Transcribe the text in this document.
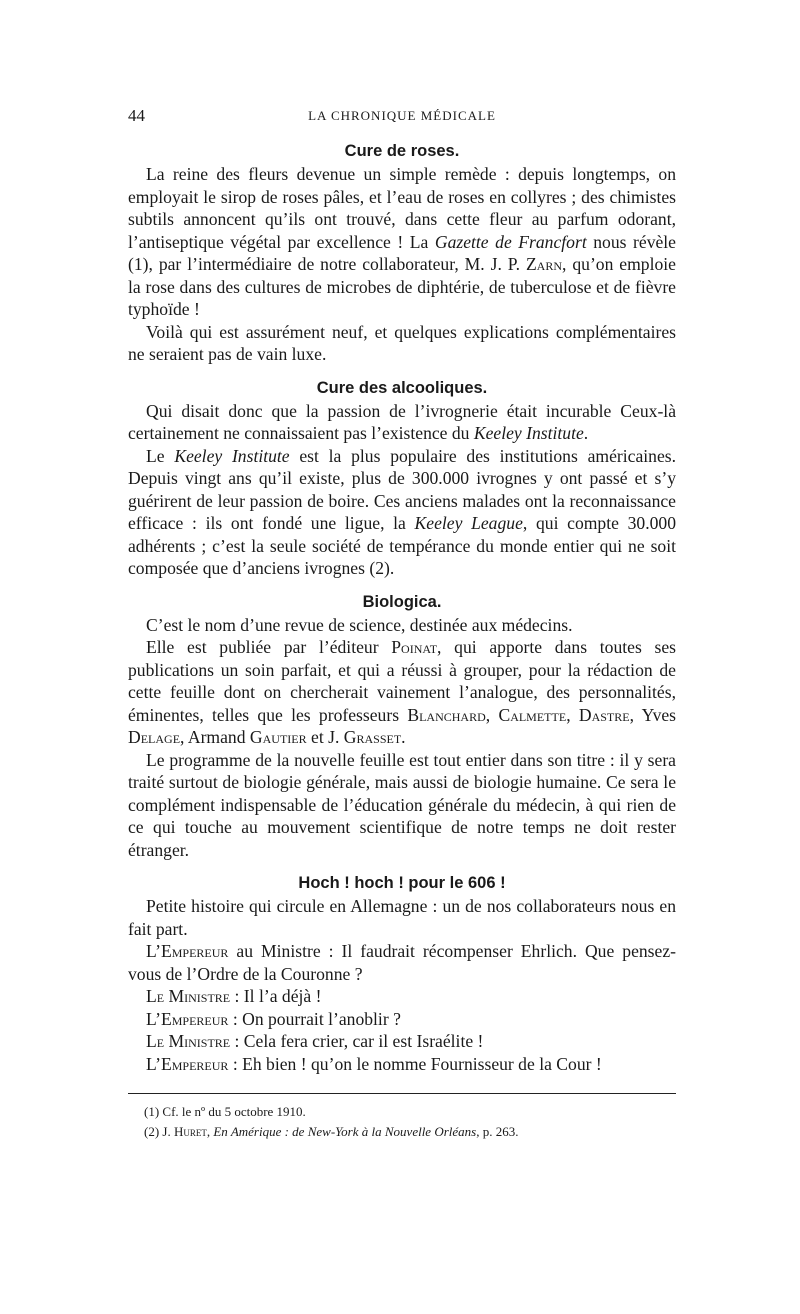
44	LA CHRONIQUE MÉDICALE
Cure de roses.

La reine des fleurs devenue un simple remède : depuis longtemps, on employait le sirop de roses pâles, et l’eau de roses en collyres ; des chimistes subtils annoncent qu’ils ont trouvé, dans cette fleur au parfum odorant, l’antiseptique végétal par excellence ! La Gazette de Francfort nous révèle (1), par l’intermédiaire de notre collaborateur, M. J. P. Zarn, qu’on emploie la rose dans des cultures de microbes de diphtérie, de tuberculose et de fièvre typhoïde !

Voilà qui est assurément neuf, et quelques explications complémentaires ne seraient pas de vain luxe.

Cure des alcooliques.

Qui disait donc que la passion de l’ivrognerie était incurable Ceux-là certainement ne connaissaient pas l’existence du Keeley Institute.

Le Keeley Institute est la plus populaire des institutions américaines. Depuis vingt ans qu’il existe, plus de 300.000 ivrognes y ont passé et s’y guérirent de leur passion de boire. Ces anciens malades ont la reconnaissance efficace : ils ont fondé une ligue, la Keeley League, qui compte 30.000 adhérents ; c’est la seule société de tempérance du monde entier qui ne soit composée que d’anciens ivrognes (2).

Biologica.

C’est le nom d’une revue de science, destinée aux médecins.

Elle est publiée par l’éditeur Poinat, qui apporte dans toutes ses publications un soin parfait, et qui a réussi à grouper, pour la rédaction de cette feuille dont on chercherait vainement l’analogue, des personnalités, éminentes, telles que les professeurs Blanchard, Calmette, Dastre, Yves Delage, Armand Gautier et J. Grasset.

Le programme de la nouvelle feuille est tout entier dans son titre : il y sera traité surtout de biologie générale, mais aussi de biologie humaine. Ce sera le complément indispensable de l’éducation générale du médecin, à qui rien de ce qui touche au mouvement scientifique de notre temps ne doit rester étranger.

Hoch ! hoch ! pour le 606 !

Petite histoire qui circule en Allemagne : un de nos collaborateurs nous en fait part.

L’Empereur au Ministre : Il faudrait récompenser Ehrlich. Que pensez-vous de l’Ordre de la Couronne ?

Le Ministre : Il l’a déjà !

L’Empereur : On pourrait l’anoblir ?

Le Ministre : Cela fera crier, car il est Israélite !

L’Empereur : Eh bien ! qu’on le nomme Fournisseur de la Cour !

(1) Cf. le nº du 5 octobre 1910.
(2) J. Huret, En Amérique : de New-York à la Nouvelle Orléans, p. 263.
